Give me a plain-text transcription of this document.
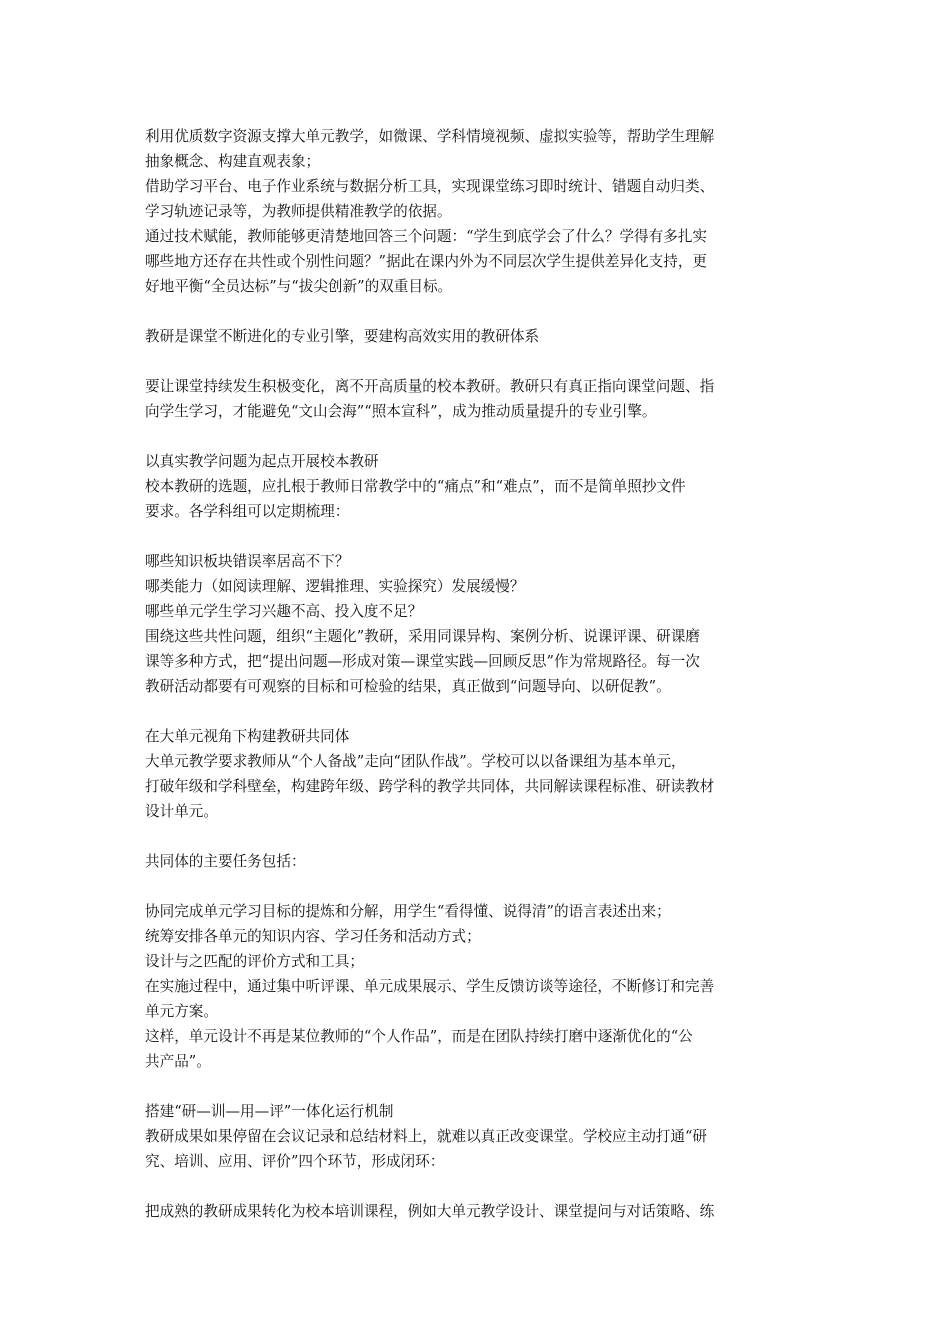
利用优质数字资源支撑大单元教学，如微课、学科情境视频、虚拟实验等，帮助学生理解
抽象概念、构建直观表象；
借助学习平台、电子作业系统与数据分析工具，实现课堂练习即时统计、错题自动归类、
学习轨迹记录等，为教师提供精准教学的依据。
通过技术赋能，教师能够更清楚地回答三个问题：“学生到底学会了什么？学得有多扎实
哪些地方还存在共性或个别性问题？”据此在课内外为不同层次学生提供差异化支持，更
好地平衡“全员达标”与“拔尖创新”的双重目标。
教研是课堂不断进化的专业引擎，要建构高效实用的教研体系
要让课堂持续发生积极变化，离不开高质量的校本教研。教研只有真正指向课堂问题、指
向学生学习，才能避免“文山会海”“照本宣科”，成为推动质量提升的专业引擎。
以真实教学问题为起点开展校本教研
校本教研的选题，应扎根于教师日常教学中的“痛点”和“难点”，而不是简单照抄文件
要求。各学科组可以定期梳理：
哪些知识板块错误率居高不下？
哪类能力（如阅读理解、逻辑推理、实验探究）发展缓慢？
哪些单元学生学习兴趣不高、投入度不足？
围绕这些共性问题，组织“主题化”教研，采用同课异构、案例分析、说课评课、研课磨
课等多种方式，把“提出问题—形成对策—课堂实践—回顾反思”作为常规路径。每一次
教研活动都要有可观察的目标和可检验的结果，真正做到“问题导向、以研促教”。
在大单元视角下构建教研共同体
大单元教学要求教师从“个人备战”走向“团队作战”。学校可以以备课组为基本单元，
打破年级和学科壁垒，构建跨年级、跨学科的教学共同体，共同解读课程标准、研读教材
设计单元。
共同体的主要任务包括：
协同完成单元学习目标的提炼和分解，用学生“看得懂、说得清”的语言表述出来；
统筹安排各单元的知识内容、学习任务和活动方式；
设计与之匹配的评价方式和工具；
在实施过程中，通过集中听评课、单元成果展示、学生反馈访谈等途径，不断修订和完善
单元方案。
这样，单元设计不再是某位教师的“个人作品”，而是在团队持续打磨中逐渐优化的“公
共产品”。
搭建“研—训—用—评”一体化运行机制
教研成果如果停留在会议记录和总结材料上，就难以真正改变课堂。学校应主动打通“研
究、培训、应用、评价”四个环节，形成闭环：
把成熟的教研成果转化为校本培训课程，例如大单元教学设计、课堂提问与对话策略、练
